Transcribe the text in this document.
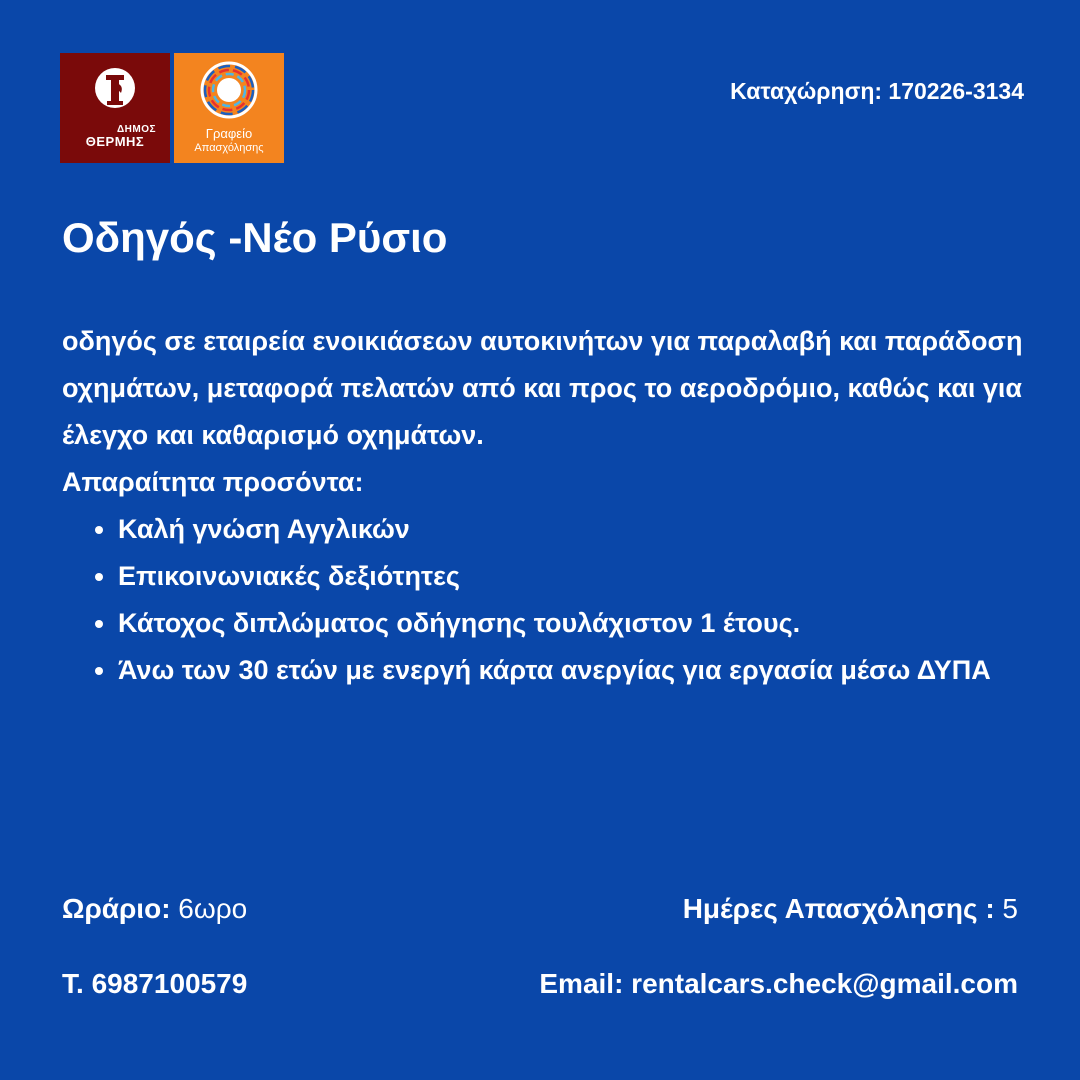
ΔΗΜΟΣ
ΘΕΡΜΗΣ
Γραφείο
Απασχόλησης
Καταχώρηση: 170226-3134
Οδηγός -Νέο Ρύσιο

οδηγός σε εταιρεία ενοικιάσεων αυτοκινήτων για παραλαβή και παράδοση οχημάτων, μεταφορά πελατών από και προς το αεροδρόμιο, καθώς και για έλεγχο και καθαρισμό οχημάτων.

Απαραίτητα προσόντα:

• Καλή γνώση Αγγλικών
• Επικοινωνιακές δεξιότητες
• Κάτοχος διπλώματος οδήγησης τουλάχιστον 1 έτους.
• Άνω των 30 ετών με ενεργή κάρτα ανεργίας για εργασία μέσω ΔΥΠΑ
Ωράριο: 6ωρο	Ημέρες Απασχόλησης : 5
Τ. 6987100579	Email: rentalcars.check@gmail.com
